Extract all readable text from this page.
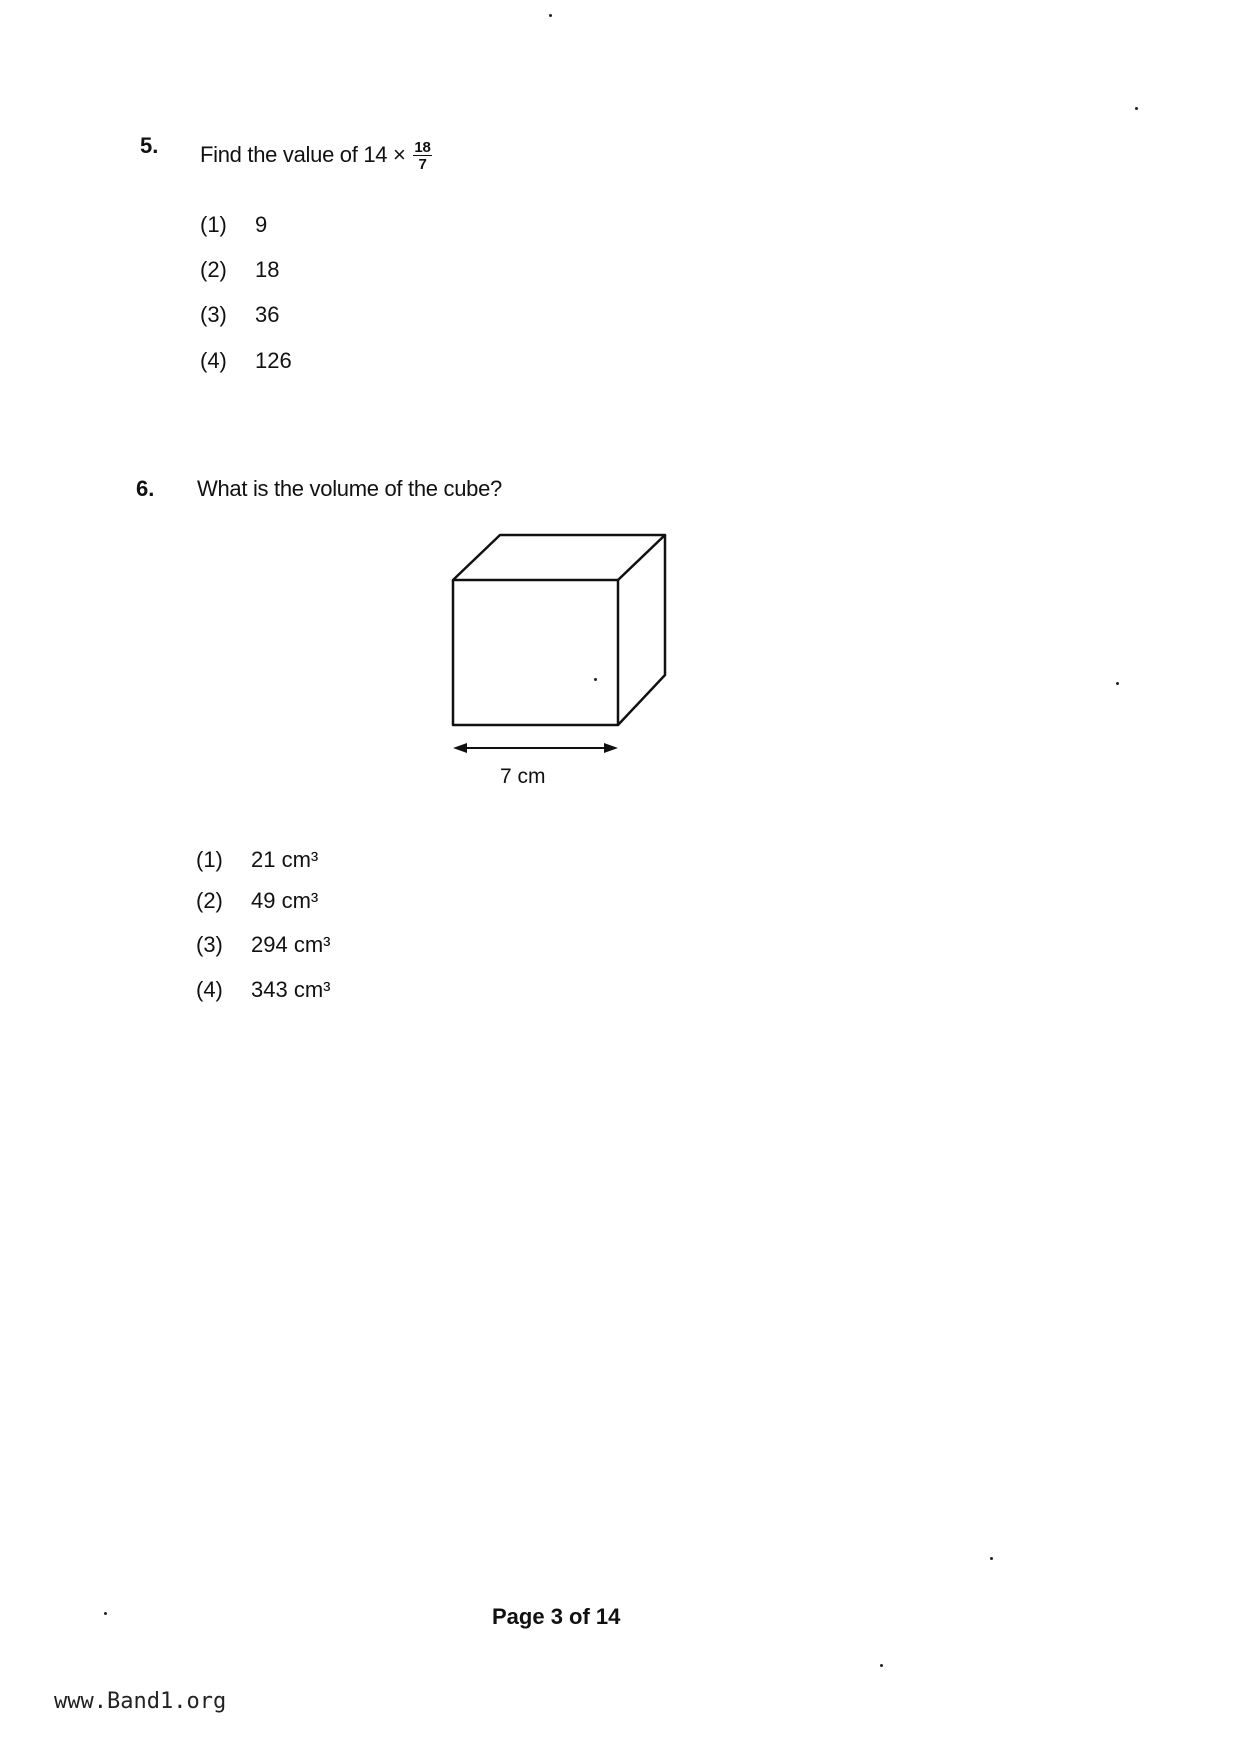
5. Find the value of $14 \times \frac{18}{7}$
(1) 9
(2) 18
(3) 36
(4) 126
6. What is the volume of the cube?
7 cm
(1) 21 cm³
(2) 49 cm³
(3) 294 cm³
(4) 343 cm³
Page 3 of 14
www.Band1.org
